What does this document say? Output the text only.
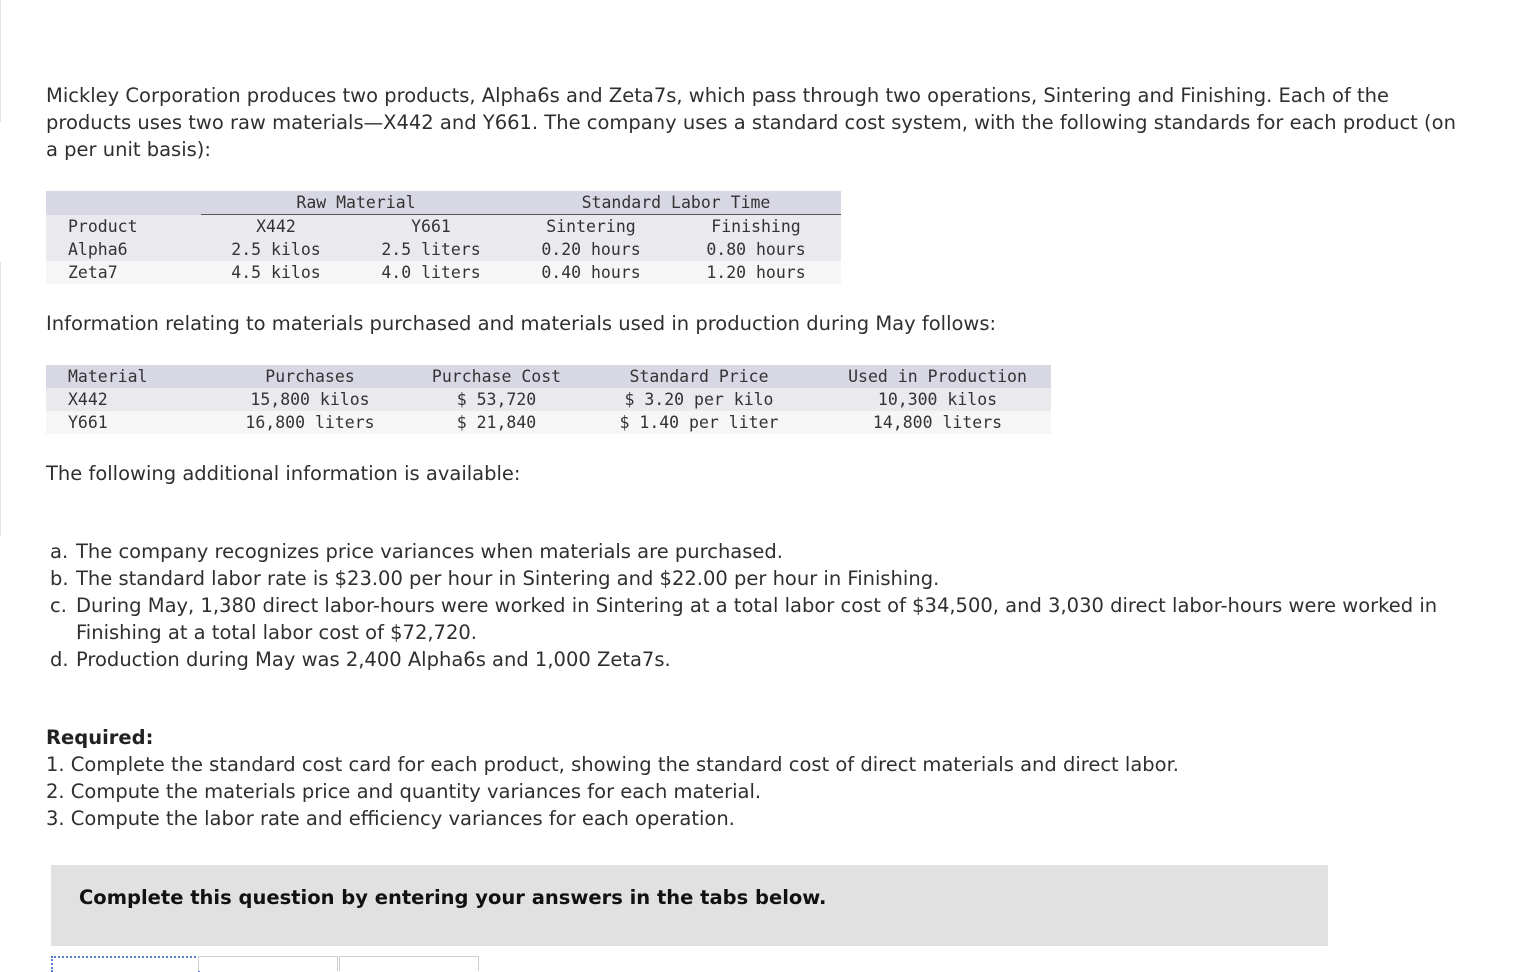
Mickley Corporation produces two products, Alpha6s and Zeta7s, which pass through two operations, Sintering and Finishing. Each of the products uses two raw materials—X442 and Y661. The company uses a standard cost system, with the following standards for each product (on a per unit basis):

	Raw Material		Standard Labor Time	
Product	X442	Y661	Sintering	Finishing
Alpha6	2.5 kilos	2.5 liters	0.20 hours	0.80 hours
Zeta7	4.5 kilos	4.0 liters	0.40 hours	1.20 hours

Information relating to materials purchased and materials used in production during May follows:

Material	Purchases	Purchase Cost	Standard Price	Used in Production
X442	15,800 kilos	$ 53,720	$ 3.20 per kilo	10,300 kilos
Y661	16,800 liters	$ 21,840	$ 1.40 per liter	14,800 liters

The following additional information is available:

a. The company recognizes price variances when materials are purchased.
b. The standard labor rate is $23.00 per hour in Sintering and $22.00 per hour in Finishing.
c. During May, 1,380 direct labor-hours were worked in Sintering at a total labor cost of $34,500, and 3,030 direct labor-hours were worked in Finishing at a total labor cost of $72,720.
d. Production during May was 2,400 Alpha6s and 1,000 Zeta7s.
Required:
1. Complete the standard cost card for each product, showing the standard cost of direct materials and direct labor.
2. Compute the materials price and quantity variances for each material.
3. Compute the labor rate and efficiency variances for each operation.
Complete this question by entering your answers in the tabs below.
